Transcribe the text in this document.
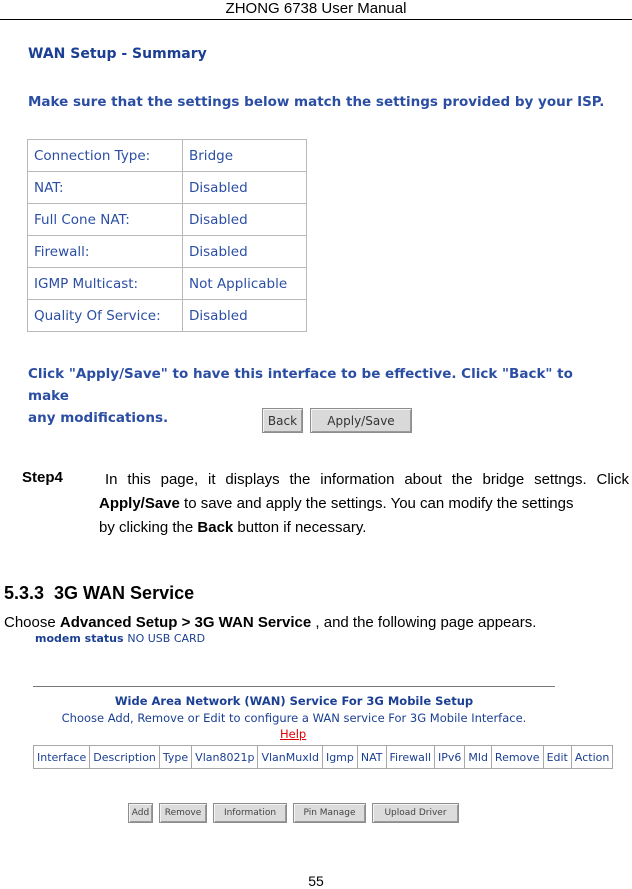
ZHONG 6738 User Manual
WAN Setup - Summary
Make sure that the settings below match the settings provided by your ISP.
Connection Type:	Bridge
NAT:	Disabled
Full Cone NAT:	Disabled
Firewall:	Disabled
IGMP Multicast:	Not Applicable
Quality Of Service:	Disabled
Click "Apply/Save" to have this interface to be effective. Click "Back" to make
any modifications.	Back	Apply/Save
Step4	In this page, it displays the information about the bridge settngs. Click
Apply/Save to save and apply the settings. You can modify the settings
by clicking the Back button if necessary.
5.3.3 3G WAN Service
Choose Advanced Setup > 3G WAN Service , and the following page appears.
modem status NO USB CARD
Wide Area Network (WAN) Service For 3G Mobile Setup
Choose Add, Remove or Edit to configure a WAN service For 3G Mobile Interface.
Help
Interface	Description	Type	Vlan8021p	VlanMuxId	Igmp	NAT	Firewall	IPv6	Mld	Remove	Edit	Action
Add	Remove	Information	Pin Manage	Upload Driver
55
